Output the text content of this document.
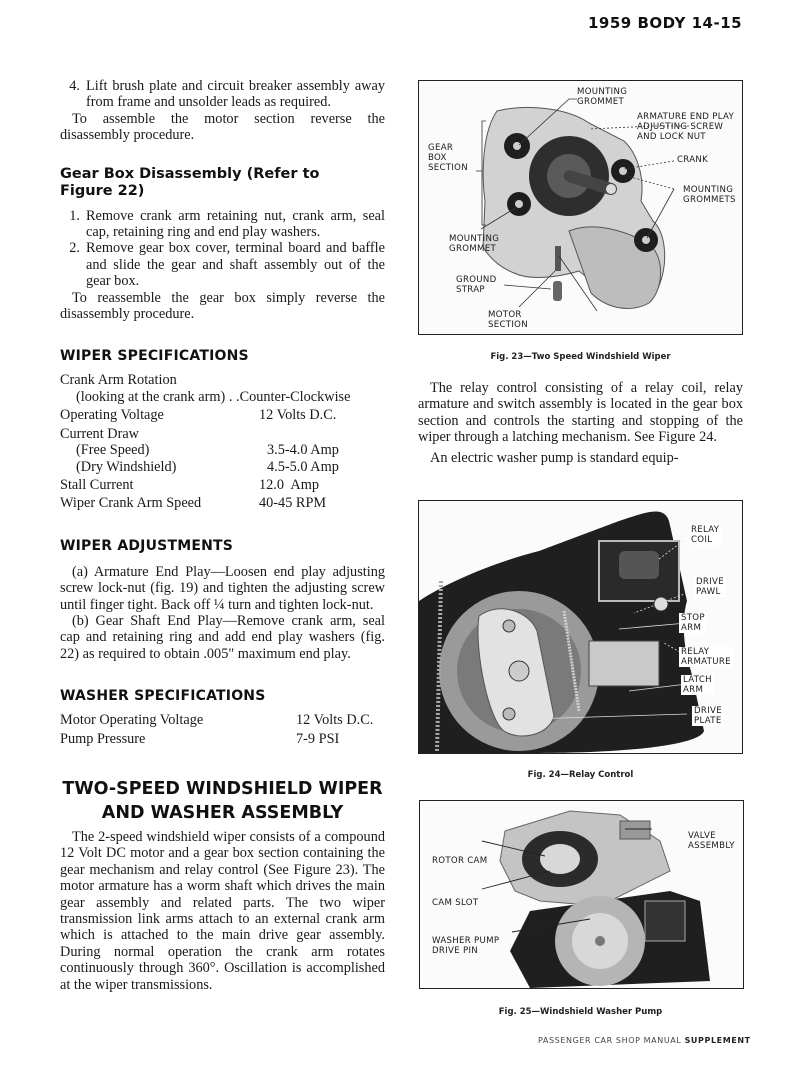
1959 BODY 14-15
4. Lift brush plate and circuit breaker assembly away from frame and unsolder leads as required.

To assemble the motor section reverse the disassembly procedure.

Gear Box Disassembly (Refer to Figure 22)
1. Remove crank arm retaining nut, crank arm, seal cap, retaining ring and end play washers.
2. Remove gear box cover, terminal board and baffle and slide the gear and shaft assembly out of the gear box.

To reassemble the gear box simply reverse the disassembly procedure.

WIPER SPECIFICATIONS
Crank Arm Rotation
(looking at the crank arm) . . Counter-Clockwise
Operating Voltage	12 Volts D.C.
Current Draw
(Free Speed)	3.5-4.0 Amp
(Dry Windshield)	4.5-5.0 Amp
Stall Current	12.0  Amp
Wiper Crank Arm Speed	40-45 RPM
WIPER ADJUSTMENTS

(a) Armature End Play—Loosen end play adjusting screw lock-nut (fig. 19) and tighten the adjusting screw until finger tight. Back off ¼ turn and tighten lock-nut.

(b) Gear Shaft End Play—Remove crank arm, seal cap and retaining ring and add end play washers (fig. 22) as required to obtain .005" maximum end play.

WASHER SPECIFICATIONS
Motor Operating Voltage	12 Volts D.C.
Pump Pressure	7-9 PSI
TWO-SPEED WINDSHIELD WIPER
AND WASHER ASSEMBLY

The 2-speed windshield wiper consists of a compound 12 Volt DC motor and a gear box section containing the gear mechanism and relay control (See Figure 23). The motor armature has a worm shaft which drives the main gear assembly and related parts. The two wiper transmission link arms attach to an external crank arm which is attached to the main drive gear assembly. During normal operation the crank arm rotates continuously through 360°. Oscillation is accomplished at the wiper transmissions.

MOUNTING
GROMMET
ARMATURE END PLAY
ADJUSTING SCREW
AND LOCK NUT
GEAR
BOX
SECTION
CRANK
MOUNTING
GROMMETS
MOUNTING
GROMMET
GROUND
STRAP
MOTOR
SECTION
Fig. 23—Two Speed Windshield Wiper

The relay control consisting of a relay coil, relay armature and switch assembly is located in the gear box section and controls the starting and stopping of the wiper through a latching mechanism. See Figure 24.

An electric washer pump is standard equip-

RELAY
COIL
DRIVE
PAWL
STOP
ARM
RELAY
ARMATURE
LATCH
ARM
DRIVE
PLATE
Fig. 24—Relay Control
VALVE
ASSEMBLY
ROTOR CAM
CAM SLOT
WASHER PUMP
DRIVE PIN
Fig. 25—Windshield Washer Pump
PASSENGER CAR SHOP MANUAL SUPPLEMENT
